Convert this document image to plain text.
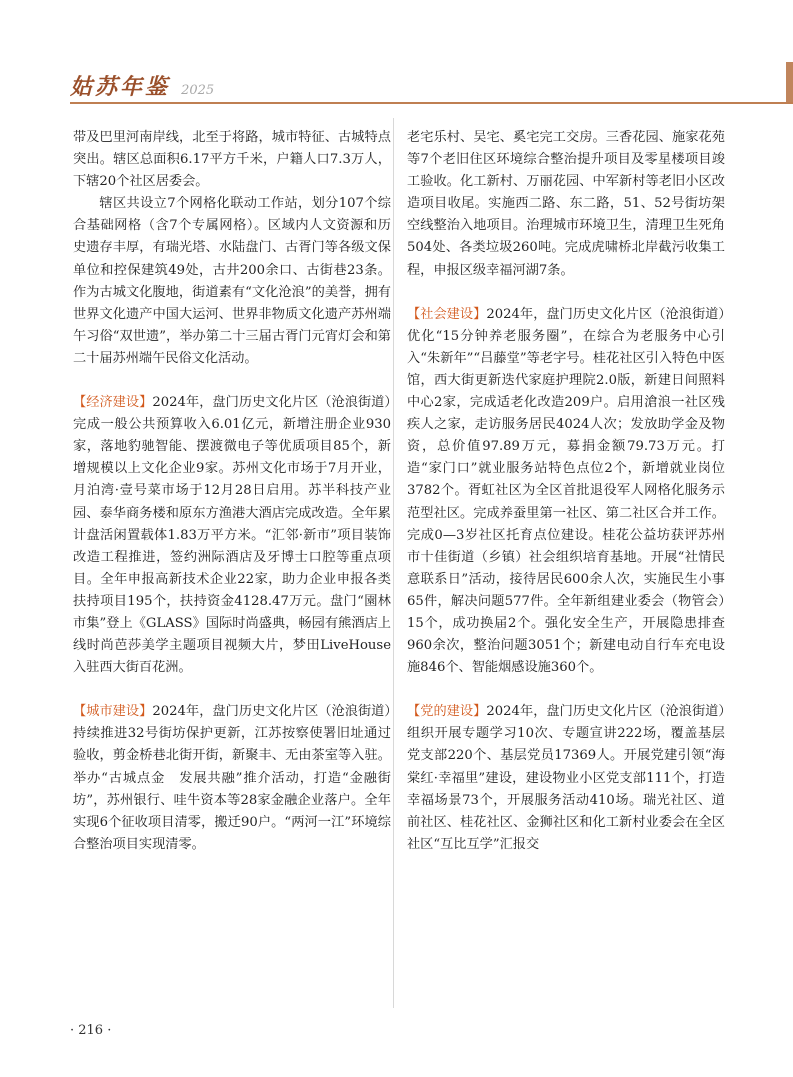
姑苏年鉴 2025

带及巴里河南岸线，北至于将路，城市特征、古城特点突出。辖区总面积6.17平方千米，户籍人口7.3万人，下辖20个社区居委会。

辖区共设立7个网格化联动工作站，划分107个综合基础网格（含7个专属网格）。区域内人文资源和历史遗存丰厚，有瑞光塔、水陆盘门、古胥门等各级文保单位和控保建筑49处，古井200余口、古街巷23条。作为古城文化腹地，街道素有“文化沧浪”的美誉，拥有世界文化遗产中国大运河、世界非物质文化遗产苏州端午习俗“双世遗”，举办第二十三届古胥门元宵灯会和第二十届苏州端午民俗文化活动。

【经济建设】2024年，盘门历史文化片区（沧浪街道）完成一般公共预算收入6.01亿元，新增注册企业930家，落地豹驰智能、摆渡微电子等优质项目85个，新增规模以上文化企业9家。苏州文化市场于7月开业，月泊湾·壹号菜市场于12月28日启用。苏半科技产业园、泰华商务楼和原东方渔港大酒店完成改造。全年累计盘活闲置载体1.83万平方米。“汇邻·新市”项目装饰改造工程推进，签约洲际酒店及牙博士口腔等重点项目。全年申报高新技术企业22家，助力企业申报各类扶持项目195个，扶持资金4128.47万元。盘门“園林市集”登上《GLASS》国际时尚盛典，畅园有熊酒店上线时尚芭莎美学主题项目视频大片，梦田LiveHouse入驻西大街百花洲。

【城市建设】2024年，盘门历史文化片区（沧浪街道）持续推进32号街坊保护更新，江苏按察使署旧址通过验收，剪金桥巷北街开街，新聚丰、无由茶室等入驻。举办“古城点金　发展共融”推介活动，打造“金融街坊”，苏州银行、哇牛资本等28家金融企业落户。全年实现6个征收项目清零，搬迁90户。“两河一江”环境综合整治项目实现清零。

老宅乐村、吴宅、奚宅完工交房。三香花园、施家花苑等7个老旧住区环境综合整治提升项目及零星楼项目竣工验收。化工新村、万丽花园、中军新村等老旧小区改造项目收尾。实施西二路、东二路，51、52号街坊架空线整治入地项目。治理城市环境卫生，清理卫生死角504处、各类垃圾260吨。完成虎啸桥北岸截污收集工程，申报区级幸福河湖7条。

【社会建设】2024年，盘门历史文化片区（沧浪街道）优化“15分钟养老服务圈”，在综合为老服务中心引入“朱新年”“吕藤堂”等老字号。桂花社区引入特色中医馆，西大街更新迭代家庭护理院2.0版，新建日间照料中心2家，完成适老化改造209户。启用滄浪一社区残疾人之家，走访服务居民4024人次；发放助学金及物资，总价值97.89万元，募捐金额79.73万元。打造“家门口”就业服务站特色点位2个，新增就业岗位3782个。胥虹社区为全区首批退役军人网格化服务示范型社区。完成养蚕里第一社区、第二社区合并工作。完成0—3岁社区托育点位建设。桂花公益坊获评苏州市十佳街道（乡镇）社会组织培育基地。开展“社情民意联系日”活动，接待居民600余人次，实施民生小事65件，解决问题577件。全年新组建业委会（物管会）15个，成功换届2个。强化安全生产，开展隐患排查960余次，整治问题3051个；新建电动自行车充电设施846个、智能烟感设施360个。

【党的建设】2024年，盘门历史文化片区（沧浪街道）组织开展专题学习10次、专题宣讲222场，覆盖基层党支部220个、基层党员17369人。开展党建引领“海棠红·幸福里”建设，建设物业小区党支部111个，打造幸福场景73个，开展服务活动410场。瑞光社区、道前社区、桂花社区、金狮社区和化工新村业委会在全区社区“互比互学”汇报交

· 216 ·
